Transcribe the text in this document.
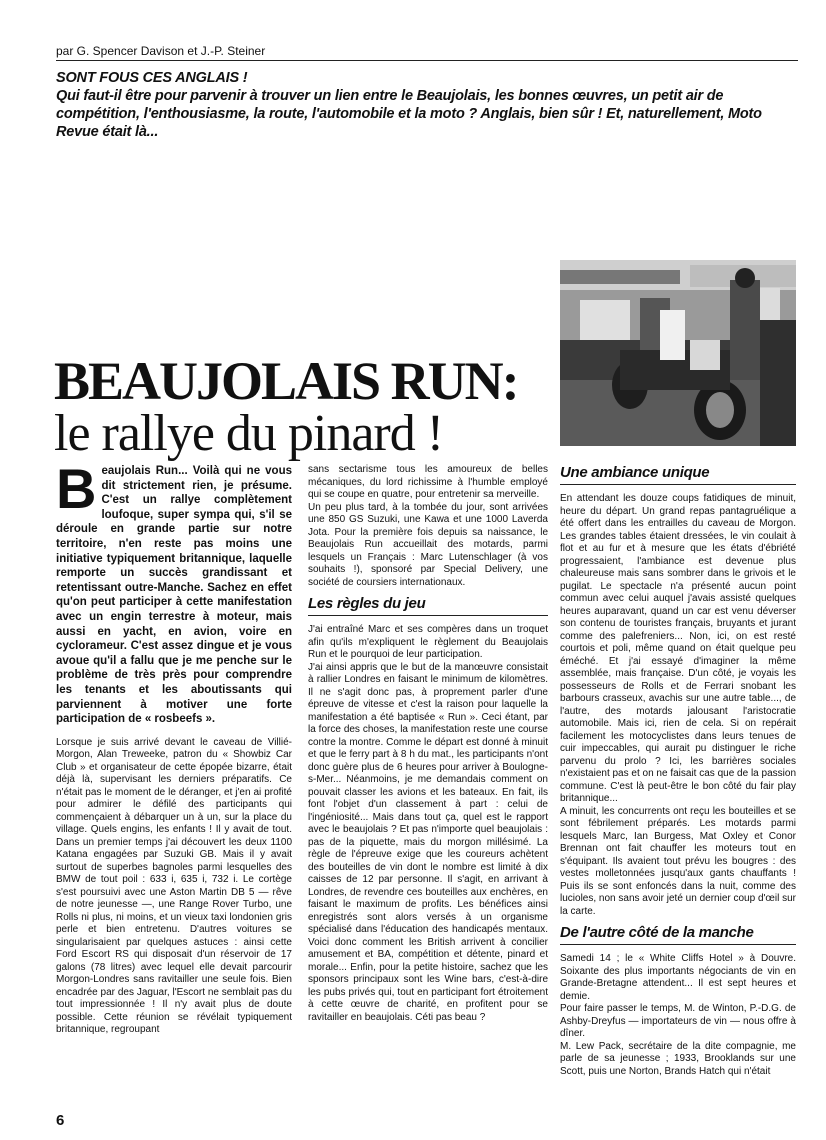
par G. Spencer Davison et J.-P. Steiner
SONT FOUS CES ANGLAIS !
Qui faut-il être pour parvenir à trouver un lien entre le Beaujolais, les bonnes œuvres, un petit air de compétition, l'enthousiasme, la route, l'automobile et la moto ? Anglais, bien sûr ! Et, naturellement, Moto Revue était là...
BEAUJOLAIS RUN:
le rallye du pinard !
B eaujolais Run... Voilà qui ne vous dit strictement rien, je présume. C'est un rallye complètement loufoque, super sympa qui, s'il se déroule en grande partie sur notre territoire, n'en reste pas moins une initiative typiquement britannique, laquelle remporte un succès grandissant et retentissant outre-Manche. Sachez en effet qu'on peut participer à cette manifestation avec un engin terrestre à moteur, mais aussi en yacht, en avion, voire en cyclorameur. C'est assez dingue et je vous avoue qu'il a fallu que je me penche sur le problème de très près pour comprendre les tenants et les aboutissants qui parviennent à motiver une forte participation de « rosbeefs ».

Lorsque je suis arrivé devant le caveau de Villié-Morgon, Alan Treweeke, patron du « Showbiz Car Club » et organisateur de cette épopée bizarre, était déjà là, supervisant les derniers préparatifs. Ce n'était pas le moment de le déranger, et j'en ai profité pour admirer le défilé des participants qui commençaient à débarquer un à un, sur la place du village. Quels engins, les enfants ! Il y avait de tout. Dans un premier temps j'ai découvert les deux 1100 Katana engagées par Suzuki GB. Mais il y avait surtout de superbes bagnoles parmi lesquelles des BMW de tout poil : 633 i, 635 i, 732 i. Le cortège s'est poursuivi avec une Aston Martin DB 5 — rêve de notre jeunesse —, une Range Rover Turbo, une Rolls ni plus, ni moins, et un vieux taxi londonien gris perle et bien entretenu. D'autres voitures se singularisaient par quelques astuces : ainsi cette Ford Escort RS qui disposait d'un réservoir de 17 galons (78 litres) avec lequel elle devait parcourir Morgon-Londres sans ravitailler une seule fois. Bien encadrée par des Jaguar, l'Escort ne semblait pas du tout impressionnée ! Il n'y avait plus de doute possible. Cette réunion se révélait typiquement britannique, regroupant

sans sectarisme tous les amoureux de belles mécaniques, du lord richissime à l'humble employé qui se coupe en quatre, pour entretenir sa merveille.

Un peu plus tard, à la tombée du jour, sont arrivées une 850 GS Suzuki, une Kawa et une 1000 Laverda Jota. Pour la première fois depuis sa naissance, le Beaujolais Run accueillait des motards, parmi lesquels un Français : Marc Lutenschlager (à vos souhaits !), sponsoré par Special Delivery, une société de coursiers internationaux.

Les règles du jeu

J'ai entraîné Marc et ses compères dans un troquet afin qu'ils m'expliquent le règlement du Beaujolais Run et le pourquoi de leur participation.

J'ai ainsi appris que le but de la manœuvre consistait à rallier Londres en faisant le minimum de kilomètres. Il ne s'agit donc pas, à proprement parler d'une épreuve de vitesse et c'est la raison pour laquelle la manifestation a été baptisée « Run ». Ceci étant, par la force des choses, la manifestation reste une course contre la montre. Comme le départ est donné à minuit et que le ferry part à 8 h du mat., les participants n'ont donc guère plus de 6 heures pour arriver à Boulogne-s-Mer... Néanmoins, je me demandais comment on pouvait classer les avions et les bateaux. En fait, ils font l'objet d'un classement à part : celui de l'ingéniosité... Mais dans tout ça, quel est le rapport avec le beaujolais ? Et pas n'importe quel beaujolais : pas de la piquette, mais du morgon millésimé. La règle de l'épreuve exige que les coureurs achètent des bouteilles de vin dont le nombre est limité à dix caisses de 12 par personne. Il s'agit, en arrivant à Londres, de revendre ces bouteilles aux enchères, en faisant le maximum de profits. Les bénéfices ainsi enregistrés sont alors versés à un organisme spécialisé dans l'éducation des handicapés mentaux. Voici donc comment les British arrivent à concilier amusement et BA, compétition et détente, pinard et morale... Enfin, pour la petite histoire, sachez que les sponsors principaux sont les Wine bars, c'est-à-dire les pubs privés qui, tout en participant fort étroitement à cette œuvre de charité, en profitent pour se ravitailler en beaujolais. Céti pas beau ?

Une ambiance unique

En attendant les douze coups fatidiques de minuit, heure du départ. Un grand repas pantagruélique a été offert dans les entrailles du caveau de Morgon. Les grandes tables étaient dressées, le vin coulait à flot et au fur et à mesure que les états d'ébriété progressaient, l'ambiance est devenue plus chaleureuse mais sans sombrer dans le grivois et le pugilat. Le spectacle n'a présenté aucun point commun avec celui auquel j'avais assisté quelques heures auparavant, quand un car est venu déverser son contenu de touristes français, bruyants et jurant comme des palefreniers... Non, ici, on est resté courtois et poli, même quand on était quelque peu éméché. Et j'ai essayé d'imaginer la même assemblée, mais française. D'un côté, je voyais les possesseurs de Rolls et de Ferrari snobant les barbours crasseux, avachis sur une autre table..., de l'autre, des motards jalousant l'aristocratie automobile. Mais ici, rien de cela. Si on repérait facilement les motocyclistes dans leurs tenues de cuir impeccables, qui aurait pu distinguer le riche parvenu du prolo ? Ici, les barrières sociales n'existaient pas et on ne faisait cas que de la passion commune. C'est là peut-être le bon côté du fair play britannique...

A minuit, les concurrents ont reçu les bouteilles et se sont fébrilement préparés. Les motards parmi lesquels Marc, Ian Burgess, Mat Oxley et Conor Brennan ont fait chauffer les moteurs tout en s'équipant. Ils avaient tout prévu les bougres : des vestes molletonnées jusqu'aux gants chauffants ! Puis ils se sont enfoncés dans la nuit, comme des lucioles, non sans avoir jeté un dernier coup d'œil sur la carte.

De l'autre côté de la manche

Samedi 14 ; le « White Cliffs Hotel » à Douvre. Soixante des plus importants négociants de vin en Grande-Bretagne attendent... Il est sept heures et demie.

Pour faire passer le temps, M. de Winton, P.-D.G. de Ashby-Dreyfus — importateurs de vin — nous offre à dîner.

M. Lew Pack, secrétaire de la dite compagnie, me parle de sa jeunesse ; 1933, Brooklands sur une Scott, puis une Norton, Brands Hatch qui n'était

6
